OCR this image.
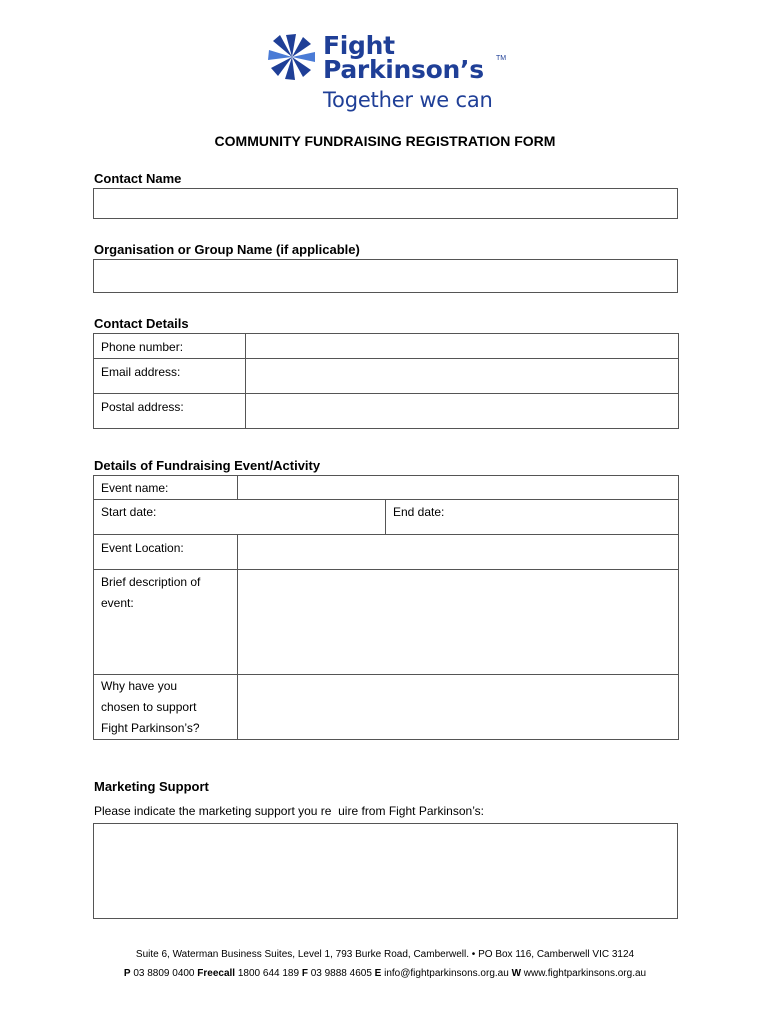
Fight
Parkinson’s TM
Together we can
COMMUNITY FUNDRAISING REGISTRATION FORM
Contact Name
Organisation or Group Name (if applicable)
Contact Details
Phone number:	

Email address:	

Postal address:	

Details of Fundraising Event/Activity
Event name:		

Start date:		End date:

Event Location:		

Brief description of
event:		

Why have you
chosen to support
Fight Parkinson’s?		

Marketing Support
Please indicate the marketing support you re  uire from Fight Parkinson’s:
Suite 6, Waterman Business Suites, Level 1, 793 Burke Road, Camberwell. • PO Box 116, Camberwell VIC 3124
P 03 8809 0400 Freecall 1800 644 189 F 03 9888 4605 E info@fightparkinsons.org.au W www.fightparkinsons.org.au
